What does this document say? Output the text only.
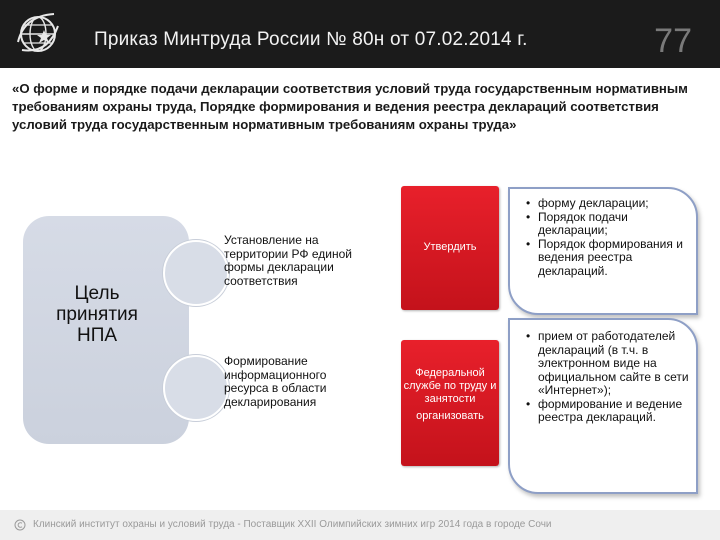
Приказ Минтруда России № 80н от 07.02.2014 г.	77
«О форме и порядке подачи декларации соответствия условий труда государственным нормативным требованиям охраны труда, Порядке формирования и ведения реестра деклараций соответствия условий труда государственным нормативным требованиям охраны труда»
Цель принятия НПА
Установление на территории РФ единой формы декларации соответствия
Формирование информационного ресурса в области декларирования
Утвердить
Федеральной службе по труду и занятости
организовать
• форму декларации;
• Порядок подачи декларации;
• Порядок формирования и ведения реестра деклараций.
• прием от работодателей деклараций (в т.ч. в электронном виде на официальном сайте в сети «Интернет»);
• формирование и ведение реестра деклараций.
Клинский институт охраны и условий труда - Поставщик XXII Олимпийских зимних игр 2014 года в городе Сочи
